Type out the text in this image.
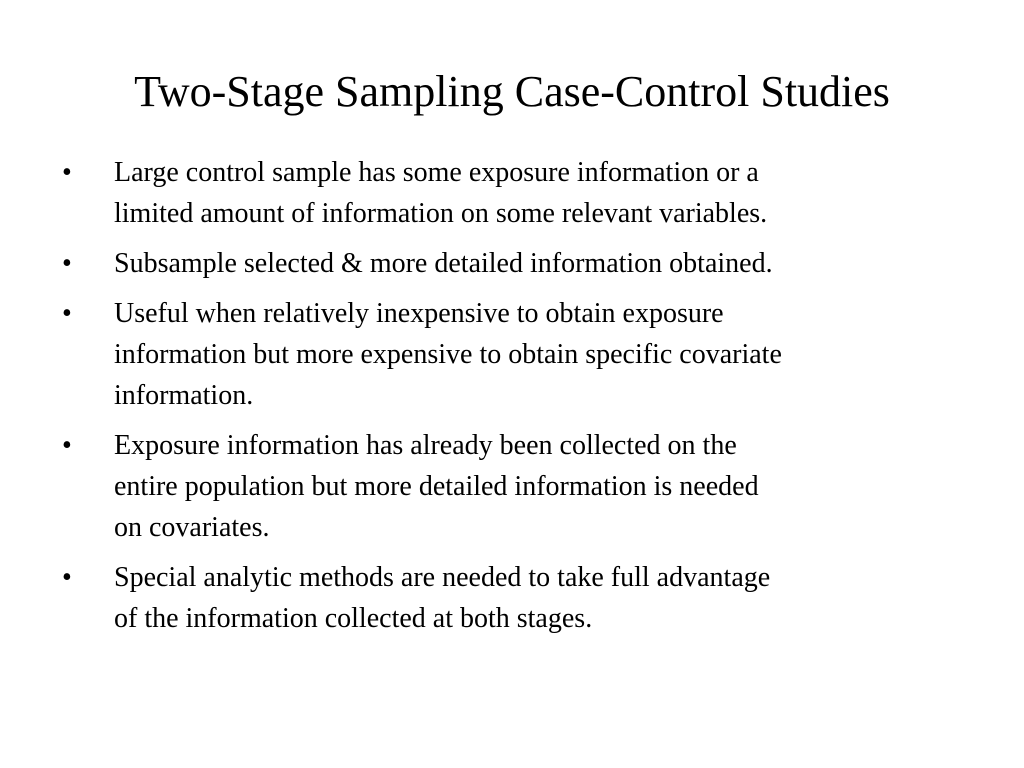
Two-Stage Sampling Case-Control Studies
•	Large control sample has some exposure information or a
limited amount of information on some relevant variables.
•	Subsample selected & more detailed information obtained.
•	Useful when relatively inexpensive to obtain exposure
information but more expensive to obtain specific covariate
information.
•	Exposure information has already been collected on the
entire population but more detailed information is needed
on covariates.
•	Special analytic methods are needed to take full advantage
of the information collected at both stages.
